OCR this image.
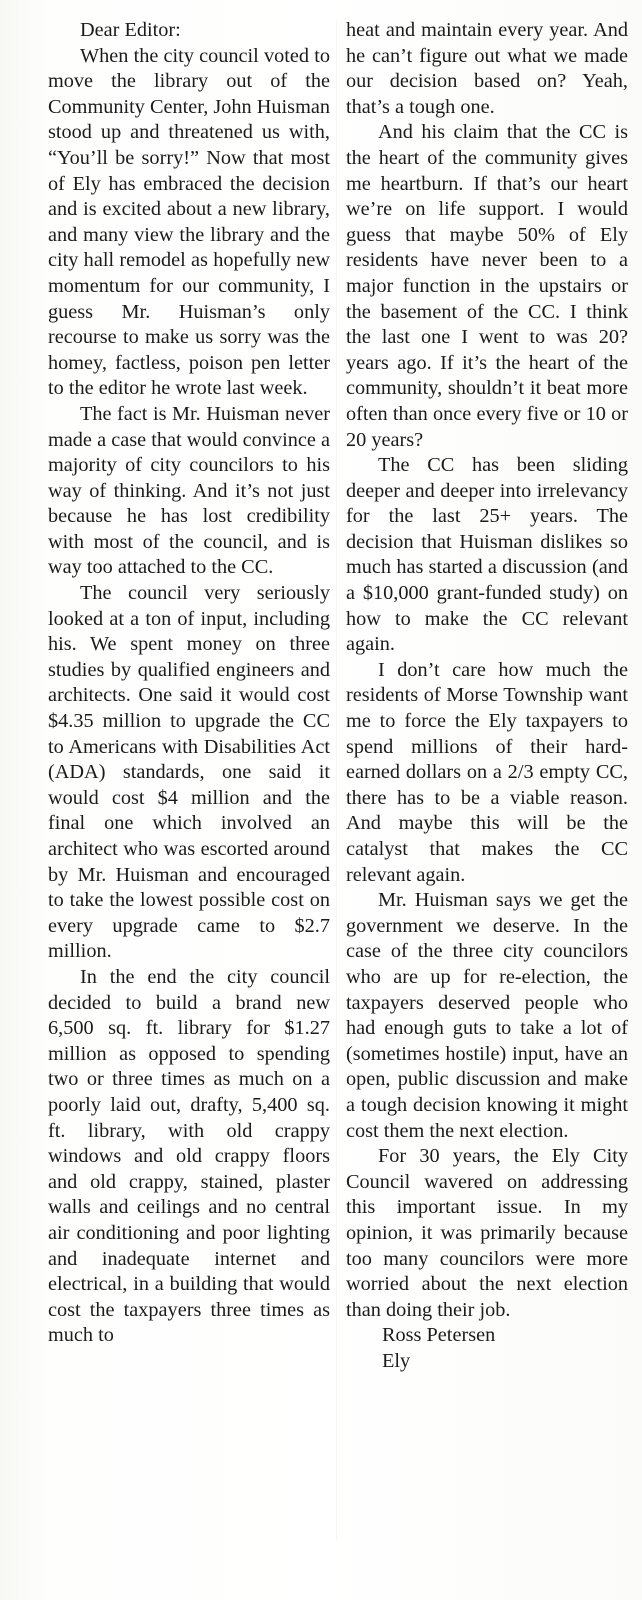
Dear Editor:

When the city council voted to move the library out of the Community Center, John Huisman stood up and threatened us with, “You’ll be sorry!” Now that most of Ely has embraced the decision and is excited about a new library, and many view the library and the city hall remodel as hopefully new momentum for our community, I guess Mr. Huisman’s only recourse to make us sorry was the homey, factless, poison pen letter to the editor he wrote last week.

The fact is Mr. Huisman never made a case that would convince a majority of city councilors to his way of thinking. And it’s not just because he has lost credibility with most of the council, and is way too attached to the CC.

The council very seriously looked at a ton of input, including his. We spent money on three studies by qualified engineers and architects. One said it would cost $4.35 million to upgrade the CC to Americans with Disabilities Act (ADA) standards, one said it would cost $4 million and the final one which involved an architect who was escorted around by Mr. Huisman and encouraged to take the lowest possible cost on every upgrade came to $2.7 million.

In the end the city council decided to build a brand new 6,500 sq. ft. library for $1.27 million as opposed to spending two or three times as much on a poorly laid out, drafty, 5,400 sq. ft. library, with old crappy windows and old crappy floors and old crappy, stained, plaster walls and ceilings and no central air conditioning and poor lighting and inadequate internet and electrical, in a building that would cost the taxpayers three times as much to

heat and maintain every year. And he can’t figure out what we made our decision based on? Yeah, that’s a tough one.

And his claim that the CC is the heart of the community gives me heartburn. If that’s our heart we’re on life support. I would guess that maybe 50% of Ely residents have never been to a major function in the upstairs or the basement of the CC. I think the last one I went to was 20? years ago. If it’s the heart of the community, shouldn’t it beat more often than once every five or 10 or 20 years?

The CC has been sliding deeper and deeper into irrelevancy for the last 25+ years. The decision that Huisman dislikes so much has started a discussion (and a $10,000 grant-funded study) on how to make the CC relevant again.

I don’t care how much the residents of Morse Township want me to force the Ely taxpayers to spend millions of their hard-earned dollars on a 2/3 empty CC, there has to be a viable reason. And maybe this will be the catalyst that makes the CC relevant again.

Mr. Huisman says we get the government we deserve. In the case of the three city councilors who are up for re-election, the taxpayers deserved people who had enough guts to take a lot of (sometimes hostile) input, have an open, public discussion and make a tough decision knowing it might cost them the next election.

For 30 years, the Ely City Council wavered on addressing this important issue. In my opinion, it was primarily because too many councilors were more worried about the next election than doing their job.

Ross Petersen

Ely
